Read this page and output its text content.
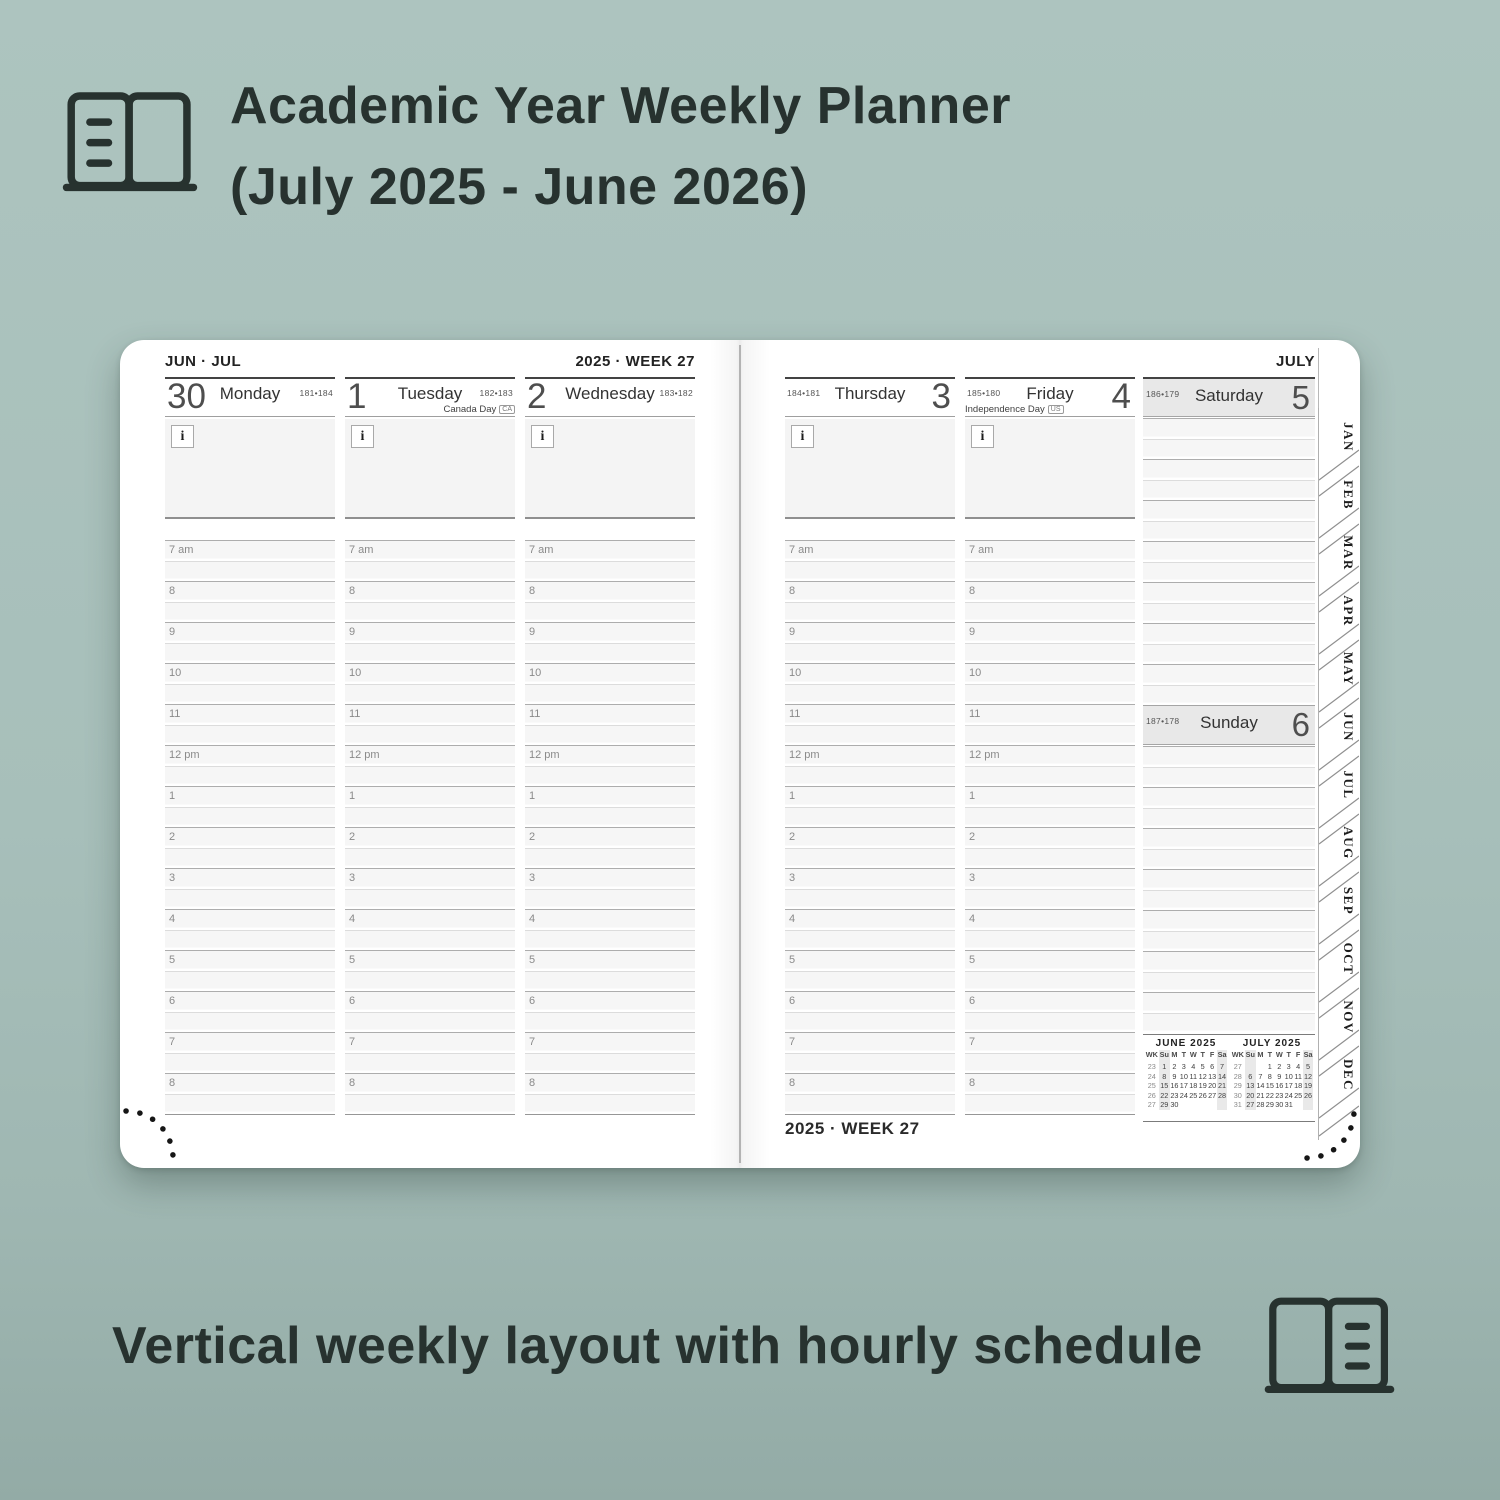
Academic Year Weekly Planner
(July 2025 - June 2026)
JUN · JUL	2025 · WEEK 27	JULY
30 Monday	181•184
i
7 am
8
9
10
11
12 pm
1
2
3
4
5
6
7
8
1	Tuesday	182•183
Canada Day CA
i
7 am
8
9
10
11
12 pm
1
2
3
4
5
6
7
8
2	Wednesday 183•182
i
7 am
8
9
10
11
12 pm
1
2
3
4
5
6
7
8
3
Thursday
184•181
i
7 am
8
9
10
11
12 pm
1
2
3
4
5
6
7
8
4
Friday
185•180
Independence Day US
i
7 am
8
9
10
11
12 pm
1
2
3
4
5
6
7
8
186•179 Saturday 5
187•178	Sunday	6
JUNE 2025
WK	Su	M	T	W	T	F	Sa
23	1	2	3	4	5	6	7
24	8	9	10	11	12	13	14
25	15	16	17	18	19	20	21
26	22	23	24	25	26	27	28
27	29	30					
JULY 2025
WK	Su	M	T	W	T	F	Sa
27			1	2	3	4	5
28	6	7	8	9	10	11	12
29	13	14	15	16	17	18	19
30	20	21	22	23	24	25	26
31	27	28	29	30	31		
2025 · WEEK 27
JAN
FEB
MAR
APR
MAY
JUN
JUL
AUG
SEP
OCT
NOV
DEC
Vertical weekly layout with hourly schedule
